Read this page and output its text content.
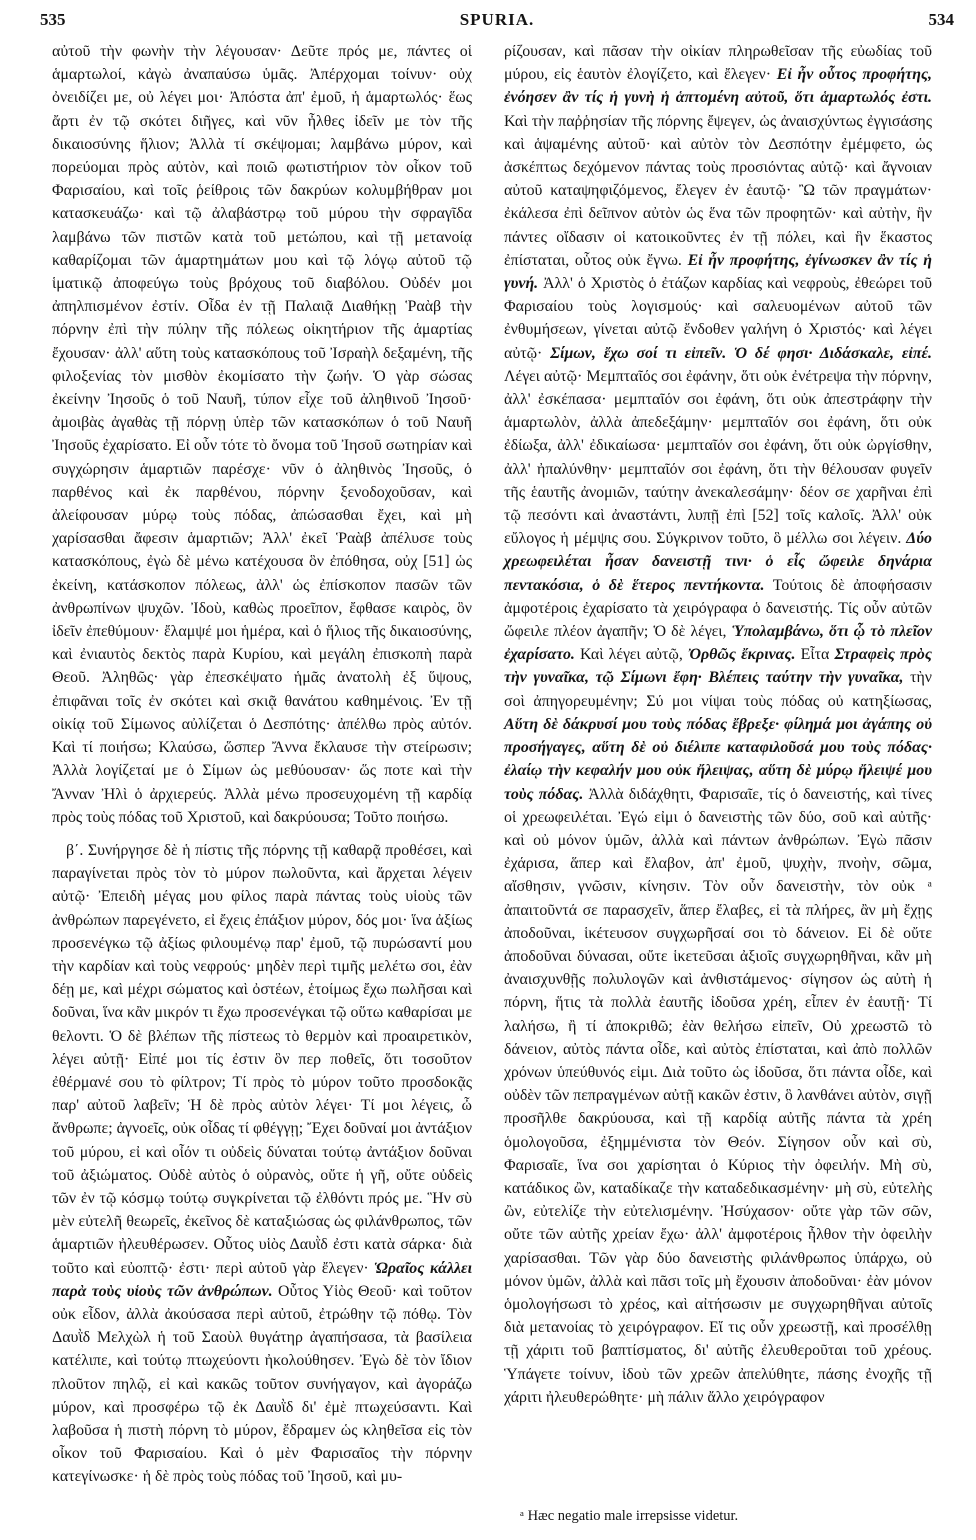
535	SPURIA.	534

αὐτοῦ τὴν φωνὴν τὴν λέγουσαν· Δεῦτε πρός με, πάντες οἱ ἁμαρτωλοί, κἀγὼ ἀναπαύσω ὑμᾶς. Ἀπέρχομαι τοίνυν· οὐχ ὀνειδίζει με, οὐ λέγει μοι· Ἀπόστα ἀπ' ἐμοῦ, ἡ ἁμαρτωλός· ἕως ἄρτι ἐν τῷ σκότει διῆγες, καὶ νῦν ἦλθες ἰδεῖν με τὸν τῆς δικαιοσύνης ἥλιον; Ἀλλὰ τί σκέψομαι; λαμβάνω μύρον, καὶ πορεύομαι πρὸς αὐτὸν, καὶ ποιῶ φωτιστήριον τὸν οἶκον τοῦ Φαρισαίου, καὶ τοῖς ῥείθροις τῶν δακρύων κολυμβήθραν μοι κατασκευάζω· καὶ τῷ ἀλαβάστρῳ τοῦ μύρου τὴν σφραγῖδα λαμβάνω τῶν πιστῶν κατὰ τοῦ μετώπου, καὶ τῇ μετανοίᾳ καθαρίζομαι τῶν ἁμαρτημάτων μου καὶ τῷ λόγῳ αὐτοῦ τῷ ἱματικῷ ἀποφεύγω τοὺς βρόχους τοῦ διαβόλου. Οὐδέν μοι ἀπηλπισμένον ἐστίν. Οἶδα ἐν τῇ Παλαιᾷ Διαθήκῃ Ῥαὰβ τὴν πόρνην ἐπὶ τὴν πύλην τῆς πόλεως οἰκητήριον τῆς ἁμαρτίας ἔχουσαν· ἀλλ' αὕτη τοὺς κατασκόπους τοῦ Ἰσραὴλ δεξαμένη, τῆς φιλοξενίας τὸν μισθὸν ἐκομίσατο τὴν ζωήν. Ὁ γὰρ σώσας ἐκείνην Ἰησοῦς ὁ τοῦ Ναυῆ, τύπον εἶχε τοῦ ἀληθινοῦ Ἰησοῦ· ἀμοιβὰς ἀγαθὰς τῇ πόρνῃ ὑπὲρ τῶν κατασκόπων ὁ τοῦ Ναυῆ Ἰησοῦς ἐχαρίσατο. Εἰ οὖν τότε τὸ ὄνομα τοῦ Ἰησοῦ σωτηρίαν καὶ συγχώρησιν ἁμαρτιῶν παρέσχε· νῦν ὁ ἀληθινὸς Ἰησοῦς, ὁ παρθένος καὶ ἐκ παρθένου, πόρνην ξενοδοχοῦσαν, καὶ ἀλείφουσαν μύρῳ τοὺς πόδας, ἀπώσασθαι ἔχει, καὶ μὴ χαρίσασθαι ἄφεσιν ἁμαρτιῶν; Ἀλλ' ἐκεῖ Ῥαὰβ ἀπέλυσε τοὺς κατασκόπους, ἐγὼ δὲ μένω κατέχουσα ὃν ἐπόθησα, οὐχ [51] ὡς ἐκείνη, κατάσκοπον πόλεως, ἀλλ' ὡς ἐπίσκοπον πασῶν τῶν ἀνθρωπίνων ψυχῶν. Ἰδοὺ, καθὼς προεῖπον, ἔφθασε καιρὸς, ὃν ἰδεῖν ἐπεθύμουν· ἔλαμψέ μοι ἡμέρα, καὶ ὁ ἥλιος τῆς δικαιοσύνης, καὶ ἐνιαυτὸς δεκτὸς παρὰ Κυρίου, καὶ μεγάλη ἐπισκοπὴ παρὰ Θεοῦ. Ἀληθῶς· γὰρ ἐπεσκέψατο ἡμᾶς ἀνατολὴ ἐξ ὕψους, ἐπιφᾶναι τοῖς ἐν σκότει καὶ σκιᾷ θανάτου καθημένοις. Ἐν τῇ οἰκίᾳ τοῦ Σίμωνος αὐλίζεται ὁ Δεσπότης· ἀπέλθω πρὸς αὐτόν. Καὶ τί ποιήσω; Κλαύσω, ὥσπερ Ἄννα ἔκλαυσε τὴν στείρωσιν; Ἀλλὰ λογίζεταί με ὁ Σίμων ὡς μεθύουσαν· ὥς ποτε καὶ τὴν Ἄνναν Ἠλὶ ὁ ἀρχιερεύς. Ἀλλὰ μένω προσευχομένη τῇ καρδίᾳ πρὸς τοὺς πόδας τοῦ Χριστοῦ, καὶ δακρύουσα; Τοῦτο ποιήσω.

β΄. Συνήργησε δὲ ἡ πίστις τῆς πόρνης τῇ καθαρᾷ προθέσει, καὶ παραγίνεται πρὸς τὸν τὸ μύρον πωλοῦντα, καὶ ἄρχεται λέγειν αὐτῷ· Ἐπειδὴ μέγας μου φίλος παρὰ πάντας τοὺς υἱοὺς τῶν ἀνθρώπων παρεγένετο, εἰ ἔχεις ἐπάξιον μύρον, δός μοι· ἵνα ἀξίως προσενέγκω τῷ ἀξίως φιλουμένῳ παρ' ἐμοῦ, τῷ πυρώσαντί μου τὴν καρδίαν καὶ τοὺς νεφρούς· μηδὲν περὶ τιμῆς μελέτω σοι, ἐὰν δέῃ με, καὶ μέχρι σώματος καὶ ὀστέων, ἑτοίμως ἔχω πωλῆσαι καὶ δοῦναι, ἵνα κἂν μικρόν τι ἔχω προσενέγκαι τῷ οὕτω καθαρίσαι με θελοντι. Ὁ δὲ βλέπων τῆς πίστεως τὸ θερμὸν καὶ προαιρετικὸν, λέγει αὐτῇ· Εἰπέ μοι τίς ἐστιν ὃν περ ποθεῖς, ὅτι τοσοῦτον ἐθέρμανέ σου τὸ φίλτρον; Τί πρὸς τὸ μύρον τοῦτο προσδοκᾷς παρ' αὐτοῦ λαβεῖν; Ἡ δὲ πρὸς αὐτὸν λέγει· Τί μοι λέγεις, ὦ ἄνθρωπε; ἀγνοεῖς, οὐκ οἶδας τί φθέγγῃ; Ἔχει δοῦναί μοι ἀντάξιον τοῦ μύρου, εἰ καὶ οἶόν τι οὐδεὶς δύναται τούτῳ ἀντάξιον δοῦναι τοῦ ἀξιώματος. Οὐδὲ αὐτὸς ὁ οὐρανὸς, οὔτε ἡ γῆ, οὔτε οὐδεὶς τῶν ἐν τῷ κόσμῳ τούτῳ συγκρίνεται τῷ ἐλθόντι πρός με. Ἣν σὺ μὲν εὐτελῆ θεωρεῖς, ἐκεῖνος δὲ καταξιώσας ὡς φιλάνθρωπος, τῶν ἁμαρτιῶν ἠλευθέρωσεν. Οὗτος υἱὸς Δαυῒδ ἐστι κατὰ σάρκα· διὰ τοῦτο καὶ εὐοπτῷ· ἐστι· περὶ αὐτοῦ γὰρ ἔλεγεν· Ὡραῖος κάλλει παρὰ τοὺς υἱοὺς τῶν ἀνθρώπων. Οὗτος Υἱὸς Θεοῦ· καὶ τοῦτον οὐκ εἶδον, ἀλλὰ ἀκούσασα περὶ αὐτοῦ, ἐτρώθην τῷ πόθῳ. Τὸν Δαυῒδ Μελχὼλ ἡ τοῦ Σαοὺλ θυγάτηρ ἀγαπήσασα, τὰ βασίλεια κατέλιπε, καὶ τούτῳ πτωχεύοντι ἠκολούθησεν. Ἐγὼ δὲ τὸν ἴδιον πλοῦτον πηλῷ, εἰ καὶ κακῶς τοῦτον συνήγαγον, καὶ ἀγοράζω μύρον, καὶ προσφέρω τῷ ἐκ Δαυῒδ δι' ἐμὲ πτωχεύσαντι. Καὶ λαβοῦσα ἡ πιστὴ πόρνη τὸ μύρον, ἔδραμεν ὡς κληθεῖσα εἰς τὸν οἶκον τοῦ Φαρισαίου. Καὶ ὁ μὲν Φαρισαῖος τὴν πόρνην κατεγίνωσκε· ἡ δὲ πρὸς τοὺς πόδας τοῦ Ἰησοῦ, καὶ μυ-

ρίζουσαν, καὶ πᾶσαν τὴν οἰκίαν πληρωθεῖσαν τῆς εὐωδίας τοῦ μύρου, εἰς ἑαυτὸν ἐλογίζετο, καὶ ἔλεγεν· Εἰ ἦν οὗτος προφήτης, ἐνόησεν ἂν τίς ἡ γυνὴ ἡ ἁπτομένη αὐτοῦ, ὅτι ἁμαρτωλός ἐστι. Καὶ τὴν παῤῥησίαν τῆς πόρνης ἔψεγεν, ὡς ἀναισχύντως ἐγγισάσης καὶ ἁψαμένης αὐτοῦ· καὶ αὐτὸν τὸν Δεσπότην ἐμέμφετο, ὡς ἀσκέπτως δεχόμενον πάντας τοὺς προσιόντας αὐτῷ· καὶ ἄγνοιαν αὐτοῦ καταψηφιζόμενος, ἔλεγεν ἐν ἑαυτῷ· Ὢ τῶν πραγμάτων· ἐκάλεσα ἐπὶ δεῖπνον αὐτὸν ὡς ἕνα τῶν προφητῶν· καὶ αὐτὴν, ἣν πάντες οἴδασιν οἱ κατοικοῦντες ἐν τῇ πόλει, καὶ ἣν ἕκαστος ἐπίσταται, οὗτος οὐκ ἔγνω. Εἰ ἦν προφήτης, ἐγίνωσκεν ἂν τίς ἡ γυνή. Ἀλλ' ὁ Χριστὸς ὁ ἐτάζων καρδίας καὶ νεφροὺς, ἐθεώρει τοῦ Φαρισαίου τοὺς λογισμούς· καὶ σαλευομένων αὐτοῦ τῶν ἐνθυμήσεων, γίνεται αὐτῷ ἔνδοθεν γαλήνη ὁ Χριστός· καὶ λέγει αὐτῷ· Σίμων, ἔχω σοί τι εἰπεῖν. Ὁ δέ φησι· Διδάσκαλε, εἰπέ. Λέγει αὐτῷ· Μεμπταῖός σοι ἐφάνην, ὅτι οὐκ ἐνέτρεψα τὴν πόρνην, ἀλλ' ἐσκέπασα· μεμπταῖόν σοι ἐφάνη, ὅτι οὐκ ἀπεστράφην τὴν ἁμαρτωλὸν, ἀλλὰ ἀπεδεξάμην· μεμπταῖόν σοι ἐφάνη, ὅτι οὐκ ἐδίωξα, ἀλλ' ἐδικαίωσα· μεμπταῖόν σοι ἐφάνη, ὅτι οὐκ ὠργίσθην, ἀλλ' ἠπαλύνθην· μεμπταῖόν σοι ἐφάνη, ὅτι τὴν θέλουσαν φυγεῖν τῆς ἑαυτῆς ἀνομιῶν, ταύτην ἀνεκαλεσάμην· δέον σε χαρῆναι ἐπὶ τῷ πεσόντι καὶ ἀναστάντι, λυπῇ ἐπὶ [52] τοῖς καλοῖς. Ἀλλ' οὐκ εὔλογος ἡ μέμψις σου. Σύγκρινον τοῦτο, ὃ μέλλω σοι λέγειν. Δύο χρεωφειλέται ἦσαν δανειστῇ τινι· ὁ εἷς ὤφειλε δηνάρια πεντακόσια, ὁ δὲ ἕτερος πεντήκοντα. Τούτοις δὲ ἀποφήσασιν ἀμφοτέροις ἐχαρίσατο τὰ χειρόγραφα ὁ δανειστής. Τίς οὖν αὐτῶν ὤφειλε πλέον ἀγαπῆν; Ὁ δὲ λέγει, Ὑπολαμβάνω, ὅτι ᾧ τὸ πλεῖον ἐχαρίσατο. Καὶ λέγει αὐτῷ, Ὀρθῶς ἔκρινας. Εἶτα Στραφεὶς πρὸς τὴν γυναῖκα, τῷ Σίμωνι ἔφη· Βλέπεις ταύτην τὴν γυναῖκα, τὴν σοὶ ἀπηγορευμένην; Σύ μοι νίψαι τοὺς πόδας οὐ κατηξίωσας, Αὕτη δὲ δάκρυσί μου τοὺς πόδας ἔβρεξε· φίλημά μοι ἀγάπης οὐ προσήγαγες, αὕτη δὲ οὐ διέλιπε καταφιλοῦσά μου τοὺς πόδας· ἐλαίῳ τὴν κεφαλήν μου οὐκ ἤλειψας, αὕτη δὲ μύρῳ ἤλειψέ μου τοὺς πόδας. Ἀλλὰ διδάχθητι, Φαρισαῖε, τίς ὁ δανειστής, καὶ τίνες οἱ χρεωφειλέται. Ἐγώ εἰμι ὁ δανειστὴς τῶν δύο, σοῦ καὶ αὐτῆς· καὶ οὐ μόνον ὑμῶν, ἀλλὰ καὶ πάντων ἀνθρώπων. Ἐγὼ πᾶσιν ἐχάρισα, ἅπερ καὶ ἔλαβον, ἀπ' ἐμοῦ, ψυχὴν, πνοὴν, σῶμα, αἴσθησιν, γνῶσιν, κίνησιν. Τὸν οὖν δανειστὴν, τὸν οὐκ ᵃ ἀπαιτοῦντά σε παρασχεῖν, ἅπερ ἔλαβες, εἰ τὰ πλήρες, ἂν μὴ ἔχῃς ἀποδοῦναι, ἱκέτευσον συγχωρῆσαί σοι τὸ δάνειον. Εἰ δὲ οὔτε ἀποδοῦναι δύνασαι, οὔτε ἱκετεῦσαι ἀξιοῖς συγχωρηθῆναι, κἂν μὴ ἀναισχυνθῇς πολυλογῶν καὶ ἀνθιστάμενος· σίγησον ὡς αὐτὴ ἡ πόρνη, ἥτις τὰ πολλὰ ἑαυτῆς ἰδοῦσα χρέη, εἶπεν ἐν ἑαυτῇ· Τί λαλήσω, ἢ τί ἀποκριθῶ; ἐὰν θελήσω εἰπεῖν, Οὐ χρεωστῶ τὸ δάνειον, αὐτὸς πάντα οἶδε, καὶ αὐτὸς ἐπίσταται, καὶ ἀπὸ πολλῶν χρόνων ὑπεύθυνός εἰμι. Διὰ τοῦτο ὡς ἰδοῦσα, ὅτι πάντα οἶδε, καὶ οὐδὲν τῶν πεπραγμένων αὐτῇ κακῶν ἐστιν, ὃ λανθάνει αὐτὸν, σιγῇ προσῆλθε δακρύουσα, καὶ τῇ καρδίᾳ αὐτῆς πάντα τὰ χρέη ὁμολογοῦσα, ἐξημμένιστα τὸν Θεόν. Σίγησον οὖν καὶ σὺ, Φαρισαῖε, ἵνα σοι χαρίσηται ὁ Κύριος τὴν ὀφειλήν. Μὴ σὺ, κατάδικος ὢν, καταδίκαζε τὴν καταδεδικασμένην· μὴ σὺ, εὐτελὴς ὢν, εὐτελίζε τὴν εὐτελισμένην. Ἠσύχασον· οὔτε γὰρ τῶν σῶν, οὔτε τῶν αὐτῆς χρείαν ἔχω· ἀλλ' ἀμφοτέροις ἦλθον τὴν ὀφειλὴν χαρίσασθαι. Τῶν γὰρ δύο δανειστὴς φιλάνθρωπος ὑπάρχω, οὐ μόνον ὑμῶν, ἀλλὰ καὶ πᾶσι τοῖς μὴ ἔχουσιν ἀποδοῦναι· ἐὰν μόνον ὁμολογήσωσι τὸ χρέος, καὶ αἰτήσωσιν με συγχωρηθῆναι αὐτοῖς διὰ μετανοίας τὸ χειρόγραφον. Εἴ τις οὖν χρεωστῇ, καὶ προσέλθῃ τῇ χάριτι τοῦ βαπτίσματος, δι' αὐτῆς ἐλευθεροῦται τοῦ χρέους. Ὑπάγετε τοίνυν, ἰδοὺ τῶν χρεῶν ἀπελύθητε, πάσης ἐνοχῆς τῇ χάριτι ἠλευθερώθητε· μὴ πάλιν ἄλλο χειρόγραφον

ᵃ Hæc negatio male irrepsisse videtur.
